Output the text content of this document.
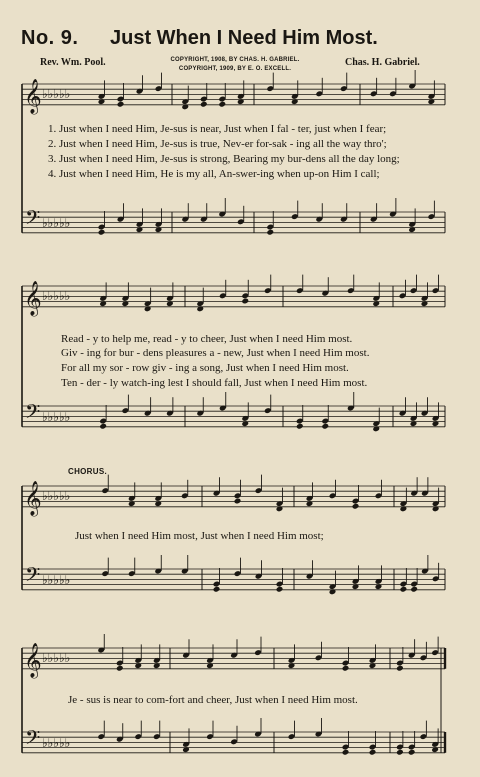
No. 9. Just When I Need Him Most.
Rev. Wm. Pool.	Chas. H. Gabriel.
COPYRIGHT, 1908, BY CHAS. H. GABRIEL.
COPYRIGHT, 1909, BY E. O. EXCELL.
𝄞
𝄢
♭♭♭♭♭
♭♭♭♭♭
𝄞
𝄢
♭♭♭♭♭
♭♭♭♭♭
𝄞
𝄢
♭♭♭♭♭
♭♭♭♭♭
𝄞
𝄢
♭♭♭♭♭
♭♭♭♭♭
1. Just when I need Him, Je-sus is near, Just when I fal - ter, just when I fear;
2. Just when I need Him, Je-sus is true, Nev-er for-sak - ing all the way thro';
3. Just when I need Him, Je-sus is strong, Bearing my bur-dens all the day long;
4. Just when I need Him, He is my all, An-swer-ing when up-on Him I call;
Read - y to help me, read - y to cheer, Just when I need Him most.
Giv - ing for bur - dens pleasures a - new, Just when I need Him most.
For all my sor - row giv - ing a song, Just when I need Him most.
Ten - der - ly watch-ing lest I should fall, Just when I need Him most.
CHORUS.
Just when I need Him most, Just when I need Him most;
Je - sus is near to com-fort and cheer, Just when I need Him most.
